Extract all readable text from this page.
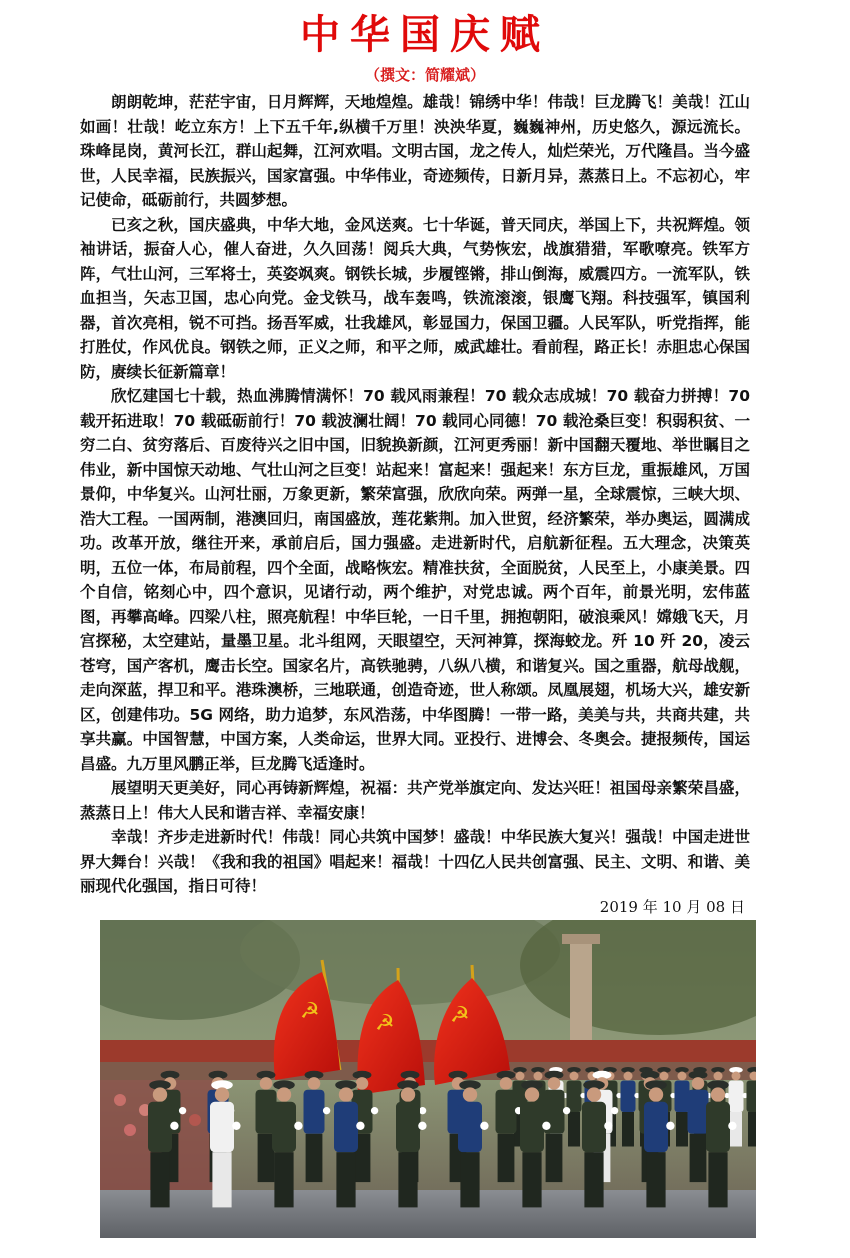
中华国庆赋
（撰文：简耀斌）

朗朗乾坤，茫茫宇宙，日月辉辉，天地煌煌。雄哉！锦绣中华！伟哉！巨龙腾飞！美哉！江山如画！壮哉！屹立东方！上下五千年,纵横千万里！泱泱华夏，巍巍神州，历史悠久，源远流长。珠峰昆岗，黄河长江，群山起舞，江河欢唱。文明古国，龙之传人，灿烂荣光，万代隆昌。当今盛世，人民幸福，民族振兴，国家富强。中华伟业，奇迹频传，日新月异，蒸蒸日上。不忘初心，牢记使命，砥砺前行，共圆梦想。

已亥之秋，国庆盛典，中华大地，金风送爽。七十华诞，普天同庆，举国上下，共祝辉煌。领袖讲话，振奋人心，催人奋进，久久回荡！阅兵大典，气势恢宏，战旗猎猎，军歌嘹亮。铁军方阵，气壮山河，三军将士，英姿飒爽。钢铁长城，步履铿锵，排山倒海，威震四方。一流军队，铁血担当，矢志卫国，忠心向党。金戈铁马，战车轰鸣，铁流滚滚，银鹰飞翔。科技强军，镇国利器，首次亮相，锐不可挡。扬吾军威，壮我雄风，彰显国力，保国卫疆。人民军队，听党指挥，能打胜仗，作风优良。钢铁之师，正义之师，和平之师，威武雄壮。看前程，路正长！赤胆忠心保国防，赓续长征新篇章！

欣忆建国七十载，热血沸腾情满怀！70 载风雨兼程！70 载众志成城！70 载奋力拼搏！70 载开拓进取！70 载砥砺前行！70 载波澜壮阔！70 载同心同德！70 载沧桑巨变！积弱积贫、一穷二白、贫穷落后、百废待兴之旧中国，旧貌换新颜，江河更秀丽！新中国翻天覆地、举世瞩目之伟业，新中国惊天动地、气壮山河之巨变！站起来！富起来！强起来！东方巨龙，重振雄风，万国景仰，中华复兴。山河壮丽，万象更新，繁荣富强，欣欣向荣。两弹一星，全球震惊，三峡大坝、浩大工程。一国两制，港澳回归，南国盛放，莲花紫荆。加入世贸，经济繁荣，举办奥运，圆满成功。改革开放，继往开来，承前启后，国力强盛。走进新时代，启航新征程。五大理念，决策英明，五位一体，布局前程，四个全面，战略恢宏。精准扶贫，全面脱贫，人民至上，小康美景。四个自信，铭刻心中，四个意识，见诸行动，两个维护，对党忠诚。两个百年，前景光明，宏伟蓝图，再攀高峰。四梁八柱，照亮航程！中华巨轮，一日千里，拥抱朝阳，破浪乘风！嫦娥飞天，月宫探秘，太空建站，量墨卫星。北斗组网，天眼望空，天河神算，探海蛟龙。歼 10 歼 20，凌云苍穹，国产客机，鹰击长空。国家名片，高铁驰骋，八纵八横，和谐复兴。国之重器，航母战舰，走向深蓝，捍卫和平。港珠澳桥，三地联通，创造奇迹，世人称颂。凤凰展翅，机场大兴，雄安新区，创建伟功。5G 网络，助力追梦，东风浩荡，中华图腾！一带一路，美美与共，共商共建，共享共赢。中国智慧，中国方案，人类命运，世界大同。亚投行、进博会、冬奥会。捷报频传，国运昌盛。九万里风鹏正举，巨龙腾飞适逢时。

展望明天更美好，同心再铸新辉煌，祝福：共产党举旗定向、发达兴旺！祖国母亲繁荣昌盛，蒸蒸日上！伟大人民和谐吉祥、幸福安康！

幸哉！齐步走进新时代！伟哉！同心共筑中国梦！盛哉！中华民族大复兴！强哉！中国走进世界大舞台！兴哉！《我和我的祖国》唱起来！福哉！十四亿人民共创富强、民主、文明、和谐、美丽现代化强国，指日可待！

2019 年 10 月 08 日
☭	☭	☭
